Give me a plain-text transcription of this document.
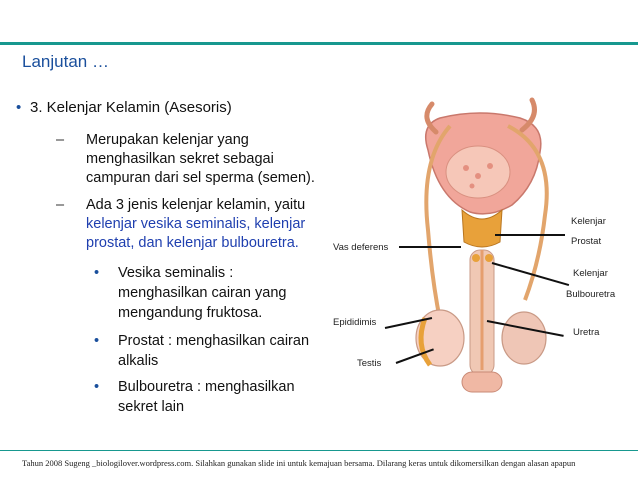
Lanjutan …
• 3. Kelenjar Kelamin (Asesoris)
– Merupakan kelenjar yang
menghasilkan sekret sebagai
campuran dari sel sperma (semen).
– Ada 3 jenis kelenjar kelamin, yaitu
kelenjar vesika seminalis, kelenjar
prostat, dan kelenjar bulbouretra.
• Vesika seminalis :
menghasilkan cairan yang
mengandung fruktosa.
• Prostat : menghasilkan cairan
alkalis
• Bulbouretra : menghasilkan
sekret lain
Vas deferens
Epididimis
Testis
Kelenjar
Prostat
Kelenjar
Bulbouretra
Uretra
Tahun 2008 Sugeng _biologilover.wordpress.com. Silahkan gunakan slide ini untuk kemajuan bersama. Dilarang keras untuk dikomersilkan dengan alasan apapun
